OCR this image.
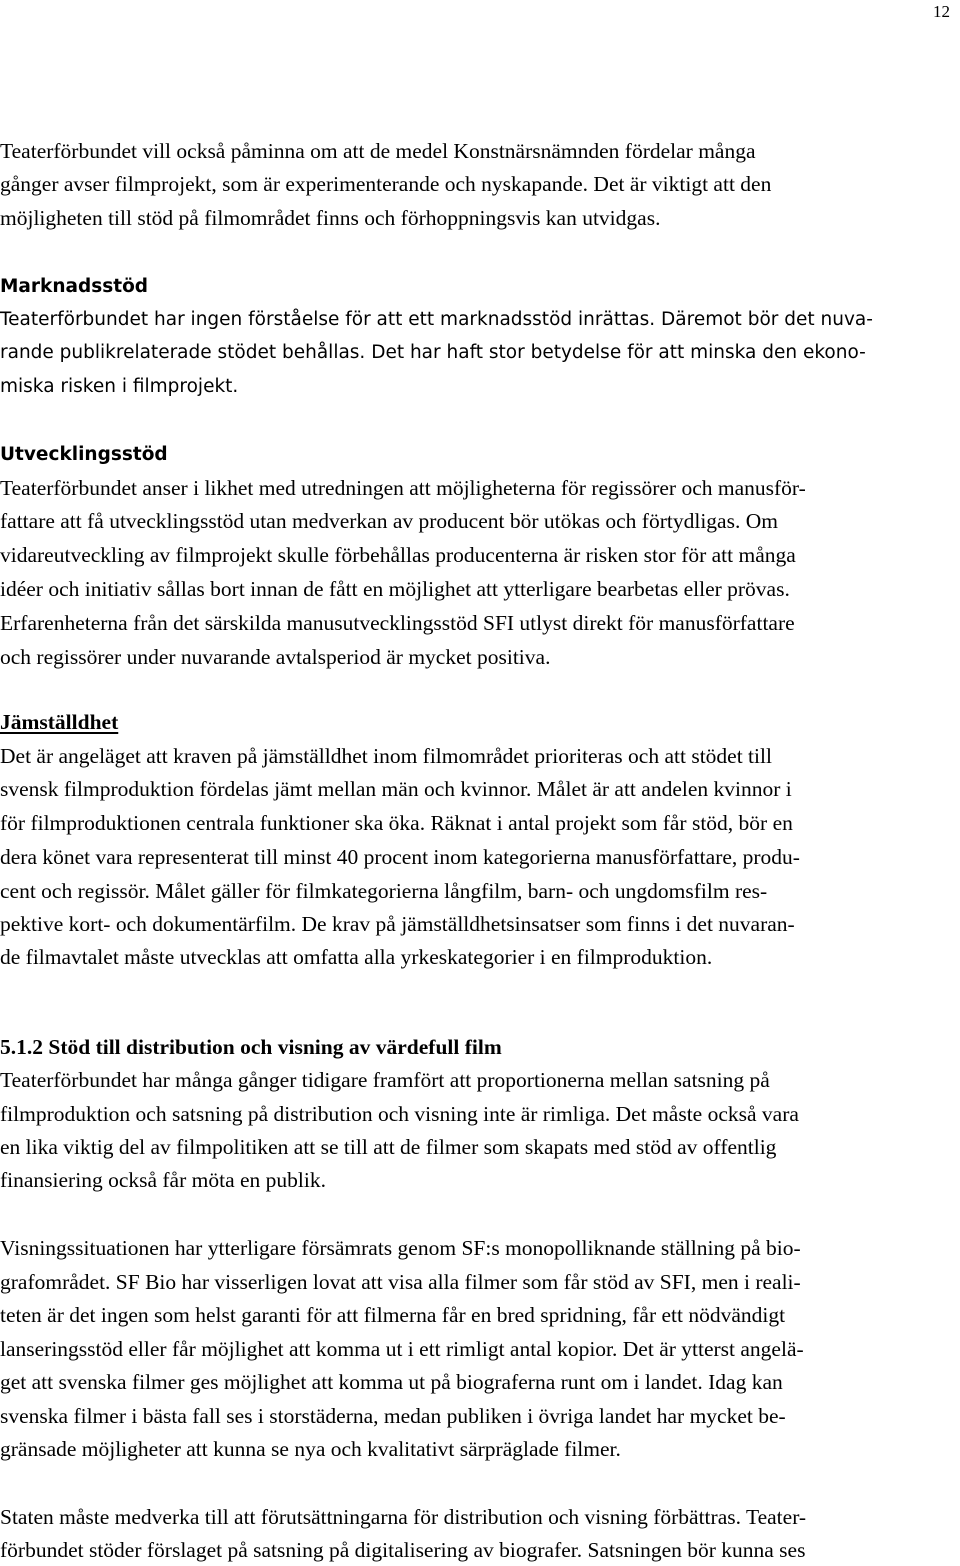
12
Teaterförbundet vill också påminna om att de medel Konstnärsnämnden fördelar många
gånger avser filmprojekt, som är experimenterande och nyskapande. Det är viktigt att den
möjligheten till stöd på filmområdet finns och förhoppningsvis kan utvidgas.
Marknadsstöd
Teaterförbundet har ingen förståelse för att ett marknadsstöd inrättas. Däremot bör det nuva-
rande publikrelaterade stödet behållas. Det har haft stor betydelse för att minska den ekono-
miska risken i filmprojekt.
Utvecklingsstöd
Teaterförbundet anser i likhet med utredningen att möjligheterna för regissörer och manusför-
fattare att få utvecklingsstöd utan medverkan av producent bör utökas och förtydligas. Om
vidareutveckling av filmprojekt skulle förbehållas producenterna är risken stor för att många
idéer och initiativ sållas bort innan de fått en möjlighet att ytterligare bearbetas eller prövas.
Erfarenheterna från det särskilda manusutvecklingsstöd SFI utlyst direkt för manusförfattare
och regissörer under nuvarande avtalsperiod är mycket positiva.
Jämställdhet
Det är angeläget att kraven på jämställdhet inom filmområdet prioriteras och att stödet till
svensk filmproduktion fördelas jämt mellan män och kvinnor. Målet är att andelen kvinnor i
för filmproduktionen centrala funktioner ska öka. Räknat i antal projekt som får stöd, bör en
dera könet vara representerat till minst 40 procent inom kategorierna manusförfattare, produ-
cent och regissör. Målet gäller för filmkategorierna långfilm, barn- och ungdomsfilm res-
pektive kort- och dokumentärfilm. De krav på jämställdhetsinsatser som finns i det nuvaran-
de filmavtalet måste utvecklas att omfatta alla yrkeskategorier i en filmproduktion.
5.1.2 Stöd till distribution och visning av värdefull film
Teaterförbundet har många gånger tidigare framfört att proportionerna mellan satsning på
filmproduktion och satsning på distribution och visning inte är rimliga. Det måste också vara
en lika viktig del av filmpolitiken att se till att de filmer som skapats med stöd av offentlig
finansiering också får möta en publik.
Visningssituationen har ytterligare försämrats genom SF:s monopolliknande ställning på bio-
grafområdet. SF Bio har visserligen lovat att visa alla filmer som får stöd av SFI, men i reali-
teten är det ingen som helst garanti för att filmerna får en bred spridning, får ett nödvändigt
lanseringsstöd eller får möjlighet att komma ut i ett rimligt antal kopior. Det är ytterst angelä-
get att svenska filmer ges möjlighet att komma ut på biograferna runt om i landet. Idag kan
svenska filmer i bästa fall ses i storstäderna, medan publiken i övriga landet har mycket be-
gränsade möjligheter att kunna se nya och kvalitativt särpräglade filmer.
Staten måste medverka till att förutsättningarna för distribution och visning förbättras. Teater-
förbundet stöder förslaget på satsning på digitalisering av biografer. Satsningen bör kunna ses
